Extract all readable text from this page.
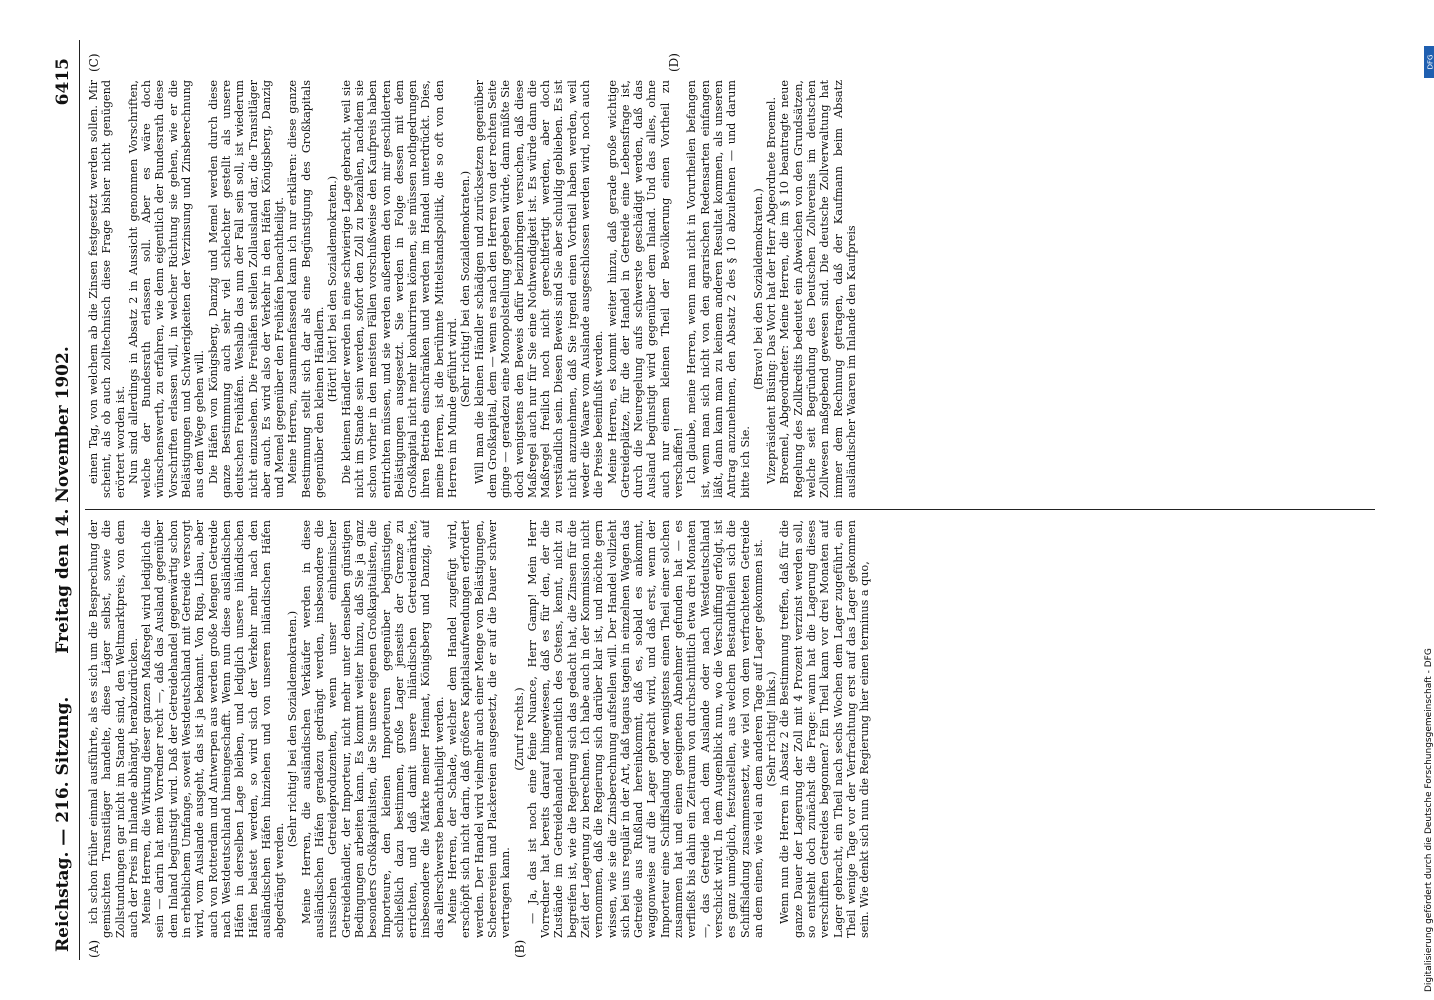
Reichstag. — 216. Sitzung.
Freitag den 14. November 1902.
6415
(A)	(B)
(C)	(D)

ich schon früher einmal ausführte, als es sich um die Besprechung der gemischten Transitläger handelte, diese Läger selbst, sowie die Zollstundungen gar nicht im Stande sind, den Weltmarktpreis, von dem auch der Preis im Inlande abhängt, herabzudrücken. Meine Herren, die Wirkung dieser ganzen Maßregel wird lediglich die sein — darin hat mein Vorredner recht —, daß das Ausland gegenüber dem Inland begünstigt wird. Daß der Getreidehandel gegenwärtig schon in erheblichem Umfange, soweit Westdeutschland mit Getreide versorgt wird, vom Auslande ausgeht, das ist ja bekannt. Von Riga, Libau, aber auch von Rotterdam und Antwerpen aus werden große Mengen Getreide nach Westdeutschland hineingeschafft. Wenn nun diese ausländischen Häfen in derselben Lage bleiben, und lediglich unsere inländischen Häfen belastet werden, so wird sich der Verkehr mehr nach den ausländischen Häfen hinziehen und von unseren inländischen Häfen abgedrängt werden.

(Sehr richtig! bei den Sozialdemokraten.) Meine Herren, die ausländischen Verkäufer werden in diese ausländischen Häfen geradezu gedrängt werden, insbesondere die russischen Getreideproduzenten, wenn unser einheimischer Getreidehändler, der Importeur, nicht mehr unter denselben günstigen Bedingungen arbeiten kann. Es kommt weiter hinzu, daß Sie ja ganz besonders Großkapitalisten, die Sie unsere eigenen Großkapitalisten, die Importeure, den kleinen Importeuren gegenüber begünstigen, schließlich dazu bestimmen, große Lager jenseits der Grenze zu errichten, und daß damit unsere inländischen Getreidemärkte, insbesondere die Märkte meiner Heimat, Königsberg und Danzig, auf das allerschwerste benachtheiligt werden. Meine Herren, der Schade, welcher dem Handel zugefügt wird, erschöpft sich nicht darin, daß größere Kapitalsaufwendungen erfordert werden. Der Handel wird vielmehr auch einer Menge von Belästigungen, Scheerereien und Plackereien ausgesetzt, die er auf die Dauer schwer vertragen kann.

(Zuruf rechts.) — Ja, das ist noch eine feine Nuance, Herr Gamp! Mein Herr Vorredner hat bereits darauf hingewiesen, daß es für den, der die Zustände im Getreidehandel namentlich des Ostens, kennt, nicht zu begreifen ist, wie die Regierung sich das gedacht hat, die Zinsen für die Zeit der Lagerung zu berechnen. Ich habe auch in der Kommission nicht vernommen, daß die Regierung sich darüber klar ist, und möchte gern wissen, wie sie die Zinsberechnung aufstellen will. Der Handel vollzieht sich bei uns regulär in der Art, daß tagaus tagein in einzelnen Wagen das Getreide aus Rußland hereinkommt, daß es, sobald es ankommt, waggonweise auf die Lager gebracht wird, und daß erst, wenn der Importeur eine Schiffsladung oder wenigstens einen Theil einer solchen zusammen hat und einen geeigneten Abnehmer gefunden hat — es verfließt bis dahin ein Zeitraum von durchschnittlich etwa drei Monaten —, das Getreide nach dem Auslande oder nach Westdeutschland verschickt wird. In dem Augenblick nun, wo die Verschiffung erfolgt, ist es ganz unmöglich, festzustellen, aus welchen Bestandtheilen sich die Schiffsladung zusammensetzt, wie viel von dem verfrachteten Getreide an dem einen, wie viel an dem anderen Tage auf Lager gekommen ist. (Sehr richtig! links.) Wenn nun die Herren in Absatz 2 die Bestimmung treffen, daß für die ganze Dauer der Lagerung der Zoll mit 4 Prozent verzinst werden soll, so entsteht doch zunächst die Frage: wann hat die Lagerung dieses verschifften Getreides begonnen? Ein Theil kann vor drei Monaten auf Lager gebracht, ein Theil nach sechs Wochen dem Lager zugeführt, ein Theil wenige Tage vor der Verfrachtung erst auf das Lager gekommen sein. Wie denkt sich nun die Regierung hier einen terminus a quo,

einen Tag, von welchem ab die Zinsen festgesetzt werden sollen. Mir scheint, als ob auch zolltechnisch diese Frage bisher nicht genügend erörtert worden ist. Nun sind allerdings in Absatz 2 in Aussicht genommen Vorschriften, welche der Bundesrath erlassen soll. Aber es wäre doch wünschenswerth, zu erfahren, wie denn eigentlich der Bundesrath diese Vorschriften erlassen will, in welcher Richtung sie gehen, wie er die Belästigungen und Schwierigkeiten der Verzinsung und Zinsberechnung aus dem Wege gehen will. Die Häfen von Königsberg, Danzig und Memel werden durch diese ganze Bestimmung auch sehr viel schlechter gestellt als unsere deutschen Freihäfen. Weshalb das nun der Fall sein soll, ist wiederum nicht einzusehen. Die Freihäfen stellen Zollausland dar, die Transitläger aber auch. Es wird also der Verkehr in den Häfen Königsberg, Danzig und Memel gegenüber den Freihäfen benachtheiligt. Meine Herren, zusammenfassend kann ich nur erklären: diese ganze Bestimmung stellt sich dar als eine Begünstigung des Großkapitals gegenüber den kleinen Händlern.

(Hört! hört! bei den Sozialdemokraten.) Die kleinen Händler werden in eine schwierige Lage gebracht, weil sie nicht im Stande sein werden, sofort den Zoll zu bezahlen, nachdem sie schon vorher in den meisten Fällen vorschußweise den Kaufpreis haben entrichten müssen, und sie werden außerdem den von mir geschilderten Belästigungen ausgesetzt. Sie werden in Folge dessen mit dem Großkapital nicht mehr konkurriren können, sie müssen nothgedrungen ihren Betrieb einschränken und werden im Handel unterdrückt. Dies, meine Herren, ist die berühmte Mittelstandspolitik, die so oft von den Herren im Munde geführt wird.

(Sehr richtig! bei den Sozialdemokraten.) Will man die kleinen Händler schädigen und zurücksetzen gegenüber dem Großkapital, dem — wenn es nach den Herren von der rechten Seite ginge — geradezu eine Monopolstellung gegeben würde, dann müßte Sie doch wenigstens den Beweis dafür beizubringen versuchen, daß diese Maßregel auch nur für Sie eine Nothwendigkeit ist. Es würde dann die Maßregel freilich noch nicht gerechtfertigt werden, aber doch verständlich sein. Diesen Beweis sind Sie aber schuldig geblieben. Es ist nicht anzunehmen, daß Sie irgend einen Vortheil haben werden, weil weder die Waare vom Auslande ausgeschlossen werden wird, noch auch die Preise beeinflußt werden. Meine Herren, es kommt weiter hinzu, daß gerade große wichtige Getreideplätze, für die der Handel in Getreide eine Lebensfrage ist, durch die Neuregelung aufs schwerste geschädigt werden, daß das Ausland begünstigt wird gegenüber dem Inland. Und das alles, ohne auch nur einem kleinen Theil der Bevölkerung einen Vortheil zu verschaffen! Ich glaube, meine Herren, wenn man nicht in Vorurtheilen befangen ist, wenn man sich nicht von den agrarischen Redensarten einfangen läßt, dann kann man zu keinem anderen Resultat kommen, als unseren Antrag anzunehmen, den Absatz 2 des § 10 abzulehnen — und darum bitte ich Sie.

(Bravo! bei den Sozialdemokraten.) Vizepräsident Büsing: Das Wort hat der Herr Abgeordnete Broemel. Broemel, Abgeordneter: Meine Herren, die im § 10 beantragte neue Regelung des Zollkredits bedeutet ein Abweichen von den Grundsätzen, welche seit Begründung des Deutschen Zollvereins im deutschen Zollwesen maßgebend gewesen sind. Die deutsche Zollverwaltung hat immer dem Rechnung getragen, daß der Kaufmann beim Absatz ausländischer Waaren im Inlande den Kaufpreis

Digitalisierung gefördert durch die Deutsche Forschungsgemeinschaft - DFG
DFG
